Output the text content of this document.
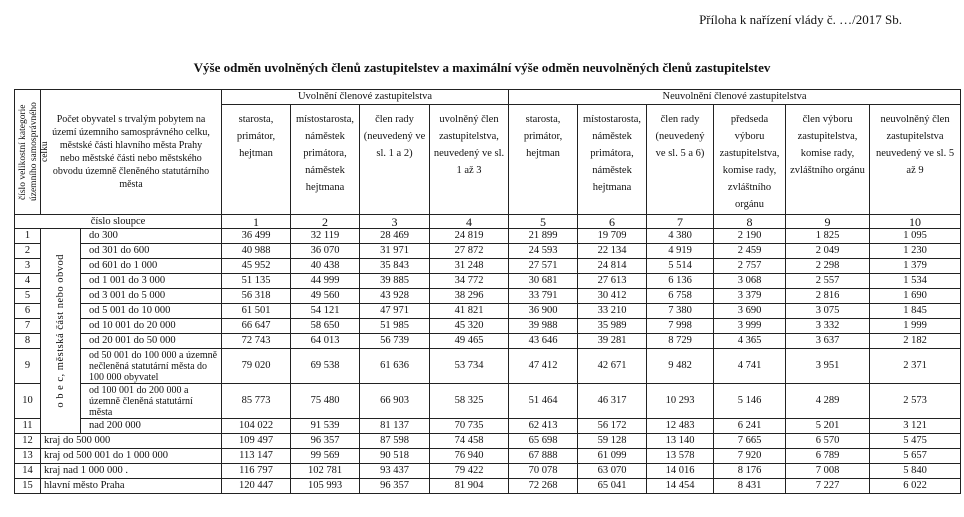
Příloha k nařízení vlády č. …/2017 Sb.
Výše odměn uvolněných členů zastupitelstev a maximální výše odměn neuvolněných členů zastupitelstev
číslo velikostní kategorie územního samosprávného celku	Počet obyvatel s trvalým pobytem na území územního samosprávného celku, městské části hlavního města Prahy nebo městské části nebo městského obvodu územně členěného statutárního města		Uvolnění členové zastupitelstva				Neuvolnění členové zastupitelstva					
			starosta, primátor, hejtman	místostarosta, náměstek primátora, náměstek hejtmana	člen rady (neuvedený ve sl. 1 a 2)	uvolněný člen zastupitelstva, neuvedený ve sl. 1 až 3	starosta, primátor, hejtman	místostarosta, náměstek primátora, náměstek hejtmana	člen rady (neuvedený ve sl. 5 a 6)	předseda výboru zastupitelstva, komise rady, zvláštního orgánu	člen výboru zastupitelstva, komise rady, zvláštního orgánu	neuvolněný člen zastupitelstva neuvedený ve sl. 5 až 9
číslo sloupce			1	2	3	4	5	6	7	8	9	10
1	o b e c, městská část nebo obvod	do 300	36 499	32 119	28 469	24 819	21 899	19 709	4 380	2 190	1 825	1 095
2		od 301 do 600	40 988	36 070	31 971	27 872	24 593	22 134	4 919	2 459	2 049	1 230
3		od 601 do 1 000	45 952	40 438	35 843	31 248	27 571	24 814	5 514	2 757	2 298	1 379
4		od 1 001 do 3 000	51 135	44 999	39 885	34 772	30 681	27 613	6 136	3 068	2 557	1 534
5		od 3 001 do 5 000	56 318	49 560	43 928	38 296	33 791	30 412	6 758	3 379	2 816	1 690
6		od 5 001 do 10 000	61 501	54 121	47 971	41 821	36 900	33 210	7 380	3 690	3 075	1 845
7		od 10 001 do 20 000	66 647	58 650	51 985	45 320	39 988	35 989	7 998	3 999	3 332	1 999
8		od 20 001 do 50 000	72 743	64 013	56 739	49 465	43 646	39 281	8 729	4 365	3 637	2 182
9		od 50 001 do 100 000 a územně nečleněná statutární města do 100 000 obyvatel	79 020	69 538	61 636	53 734	47 412	42 671	9 482	4 741	3 951	2 371
10		od 100 001 do 200 000 a územně členěná statutární města	85 773	75 480	66 903	58 325	51 464	46 317	10 293	5 146	4 289	2 573
11		nad 200 000	104 022	91 539	81 137	70 735	62 413	56 172	12 483	6 241	5 201	3 121
12	kraj do 500 000		109 497	96 357	87 598	74 458	65 698	59 128	13 140	7 665	6 570	5 475
13	kraj od 500 001 do 1 000 000		113 147	99 569	90 518	76 940	67 888	61 099	13 578	7 920	6 789	5 657
14	kraj nad 1 000 000 .		116 797	102 781	93 437	79 422	70 078	63 070	14 016	8 176	7 008	5 840
15	hlavní město Praha		120 447	105 993	96 357	81 904	72 268	65 041	14 454	8 431	7 227	6 022
